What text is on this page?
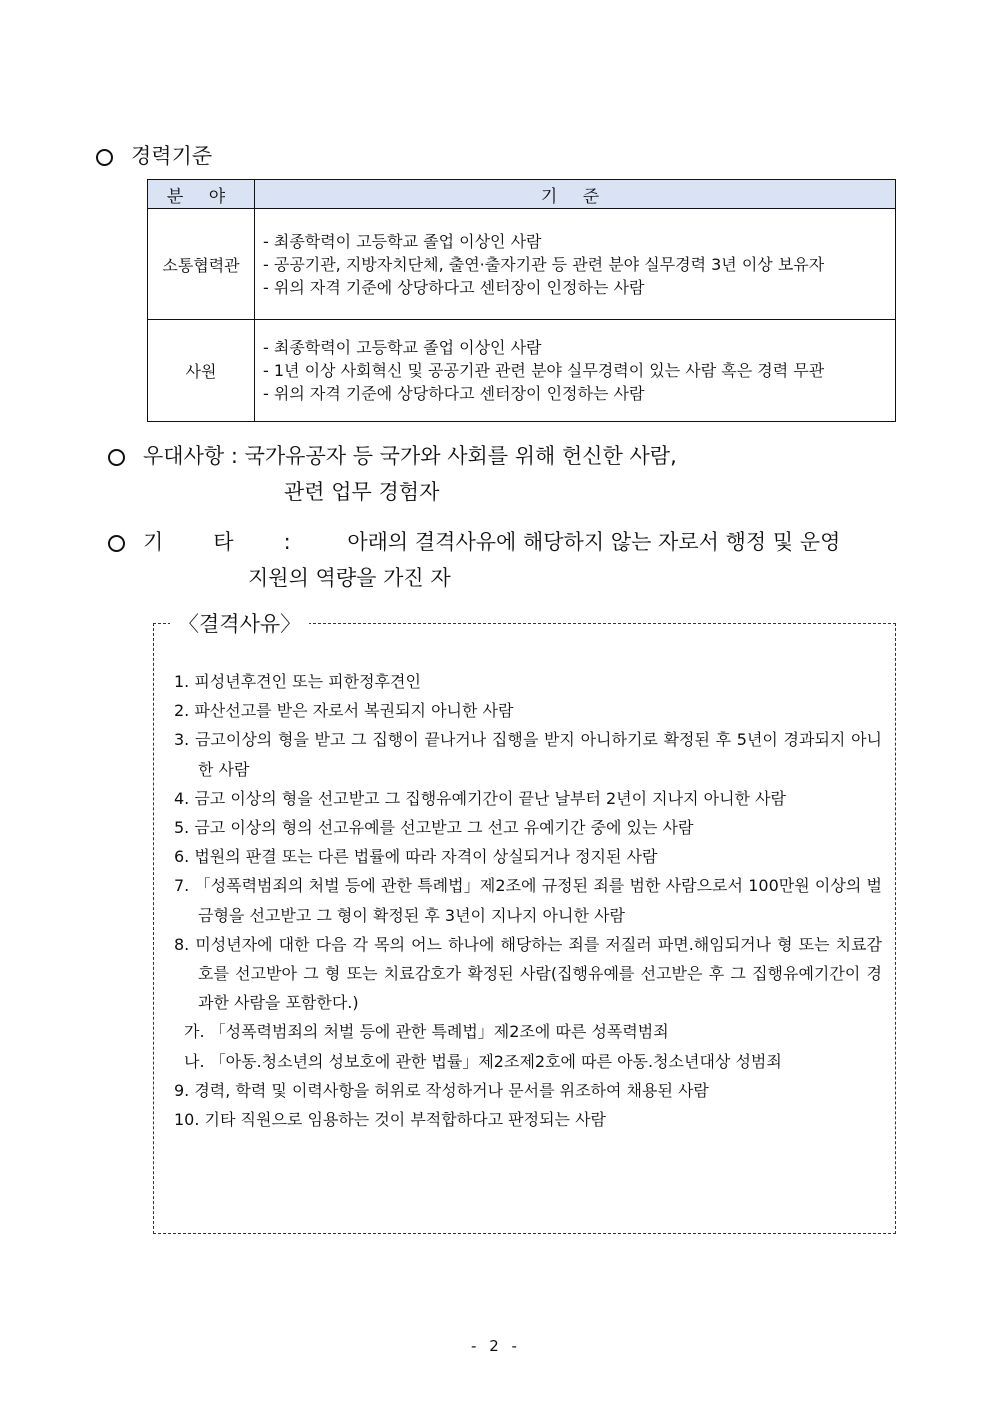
경력기준
분 야	기 준
소통협력관	- 최종학력이 고등학교 졸업 이상인 사람
- 공공기관, 지방자치단체, 출연·출자기관 등 관련 분야 실무경력 3년 이상 보유자
- 위의 자격 기준에 상당하다고 센터장이 인정하는 사람

사원	- 최종학력이 고등학교 졸업 이상인 사람
- 1년 이상 사회혁신 및 공공기관 관련 분야 실무경력이 있는 사람 혹은 경력 무관
- 위의 자격 기준에 상당하다고 센터장이 인정하는 사람
우대사항 : 국가유공자 등 국가와 사회를 위해 헌신한 사람,
관련 업무 경험자
기타: 아래의 결격사유에 해당하지 않는 자로서 행정 및 운영
지원의 역량을 가진 자
〈결격사유〉
1. 피성년후견인 또는 피한정후견인
2. 파산선고를 받은 자로서 복권되지 아니한 사람
3. 금고이상의 형을 받고 그 집행이 끝나거나 집행을 받지 아니하기로 확정된 후 5년이 경과되지 아니한 사람
4. 금고 이상의 형을 선고받고 그 집행유예기간이 끝난 날부터 2년이 지나지 아니한 사람
5. 금고 이상의 형의 선고유예를 선고받고 그 선고 유예기간 중에 있는 사람
6. 법원의 판결 또는 다른 법률에 따라 자격이 상실되거나 정지된 사람
7. 「성폭력범죄의 처벌 등에 관한 특례법」제2조에 규정된 죄를 범한 사람으로서 100만원 이상의 벌금형을 선고받고 그 형이 확정된 후 3년이 지나지 아니한 사람
8. 미성년자에 대한 다음 각 목의 어느 하나에 해당하는 죄를 저질러 파면.해임되거나 형 또는 치료감호를 선고받아 그 형 또는 치료감호가 확정된 사람(집행유예를 선고받은 후 그 집행유예기간이 경과한 사람을 포함한다.)
가. 「성폭력범죄의 처벌 등에 관한 특례법」제2조에 따른 성폭력범죄
나. 「아동.청소년의 성보호에 관한 법률」제2조제2호에 따른 아동.청소년대상 성범죄
9. 경력, 학력 및 이력사항을 허위로 작성하거나 문서를 위조하여 채용된 사람
10. 기타 직원으로 임용하는 것이 부적합하다고 판정되는 사람
- 2 -
